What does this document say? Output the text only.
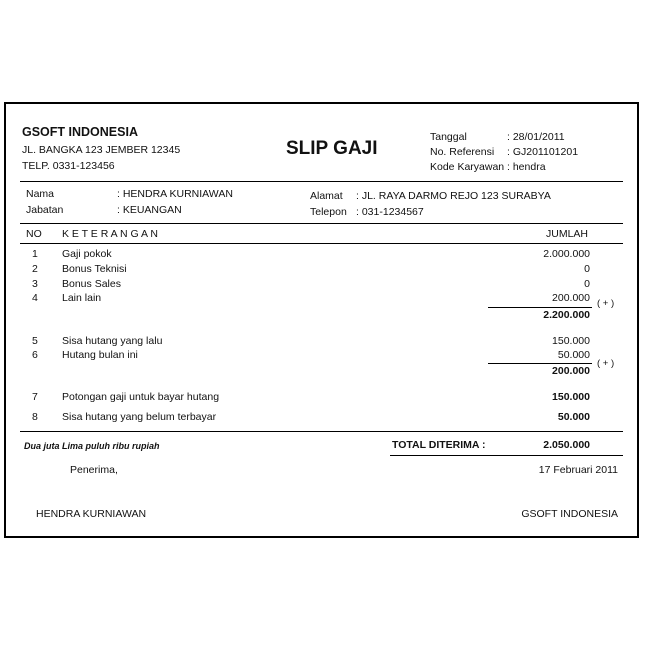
GSOFT INDONESIA
JL. BANGKA 123 JEMBER 12345
TELP. 0331-123456
SLIP GAJI
Tanggal	: 28/01/2011
No. Referensi : GJ201101201
Kode Karyawan : hendra
Nama	: HENDRA KURNIAWAN
Jabatan	: KEUANGAN
Alamat : JL. RAYA DARMO REJO 123 SURABYA
Telepon : 031-1234567
NO K E T E R A N G A N	JUMLAH
1 Gaji pokok	2.000.000
2 Bonus Teknisi	0
3 Bonus Sales	0
4 Lain lain	200.000 ( + )
2.200.000
5 Sisa hutang yang lalu	150.000
6 Hutang bulan ini	50.000
( + )
200.000
7 Potongan gaji untuk bayar hutang	150.000
8 Sisa hutang yang belum terbayar	50.000
Dua juta Lima puluh ribu rupiah	TOTAL DITERIMA :	2.050.000
Penerima,	17 Februari 2011
HENDRA KURNIAWAN	GSOFT INDONESIA
